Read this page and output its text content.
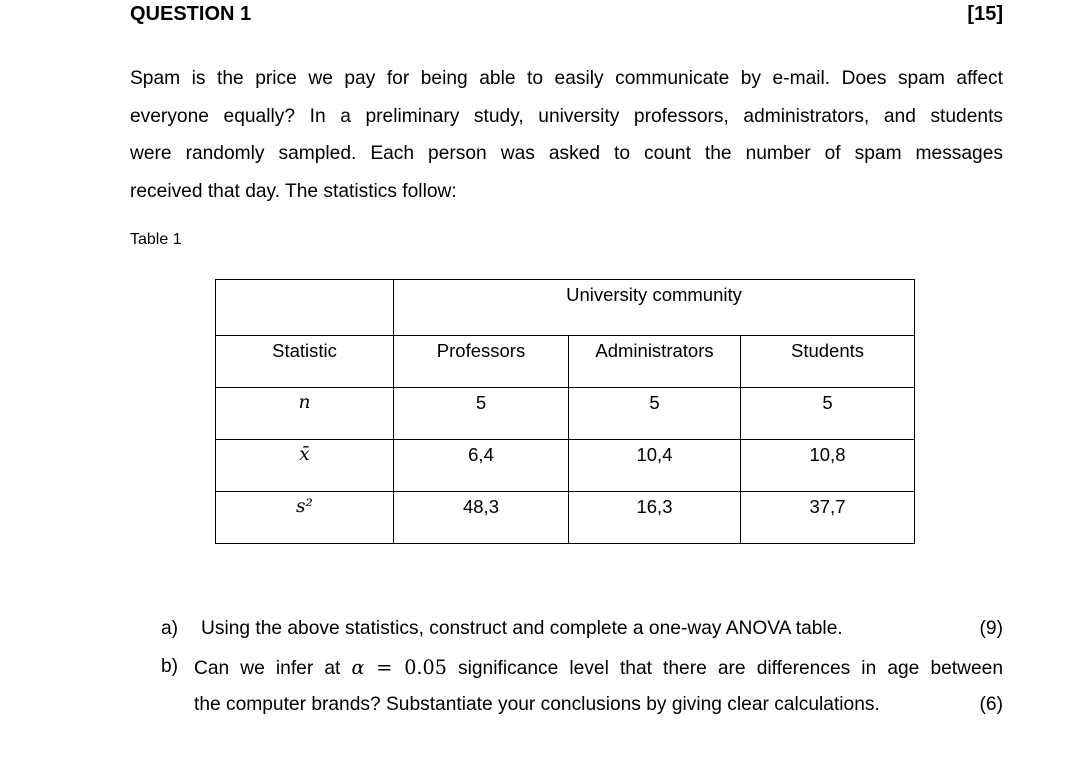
QUESTION 1	[15]
Spam is the price we pay for being able to easily communicate by e-mail. Does spam affect
everyone equally? In a preliminary study, university professors, administrators, and students
were randomly sampled. Each person was asked to count the number of spam messages
received that day. The statistics follow:
Table 1
	University community		
Statistic	Professors	Administrators	Students
n	5	5	5
x̄	6,4	10,4	10,8
s²	48,3	16,3	37,7
a) Using the above statistics, construct and complete a one-way ANOVA table.	(9)
b) Can we infer at α = 0.05 significance level that there are differences in age between
the computer brands? Substantiate your conclusions by giving clear calculations.	(6)
